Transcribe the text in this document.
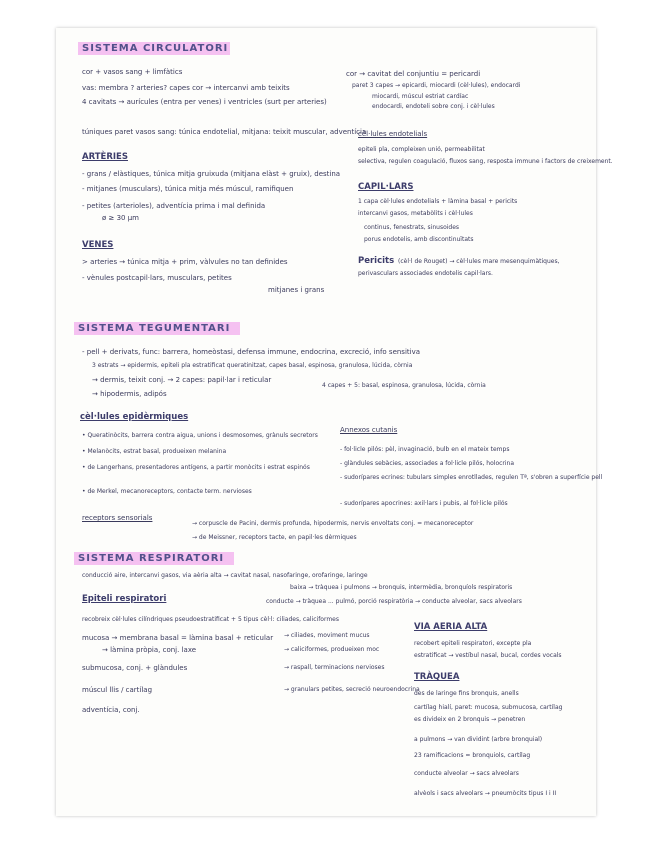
SISTEMA CIRCULATORI
cor + vasos sang + limfàtics
vas: membra ? arteries? capes cor → intercanvi amb teixits
4 cavitats → aurícules (entra per venes) i ventricles (surt per arteries)
túniques paret vasos sang: túnica endotelial, mitjana: teixit muscular, adventícia
ARTÈRIES
- grans / elàstiques, túnica mitja gruixuda (mitjana elàst + gruix), destina
- mitjanes (musculars), túnica mitja més múscul, ramifiquen
- petites (arterioles), adventícia prima i mal definida
ø ≥ 30 µm
VENES
> arteries → túnica mitja + prim, vàlvules no tan definides
- vènules postcapil·lars, musculars, petites
mitjanes i grans
cor → cavitat del conjuntiu = pericardi
paret 3 capes → epicardi, miocardi (cèl·lules), endocardi
miocardi, múscul estriat cardíac
endocardi, endoteli sobre conj. i cèl·lules
cèl·lules endotelials
epiteli pla, compleixen unió, permeabilitat
selectiva, regulen coagulació, fluxos sang, resposta immune i factors de creixement.
CAPIL·LARS
1 capa cèl·lules endotelials + làmina basal + pericits
intercanvi gasos, metabòlits i cèl·lules
continus, fenestrats, sinusoides
porus endotelis, amb discontinuïtats
Pericits (cèl·l de Rouget) → cèl·lules mare mesenquimàtiques,
perivasculars associades endotelis capil·lars.
SISTEMA TEGUMENTARI
- pell + derivats, func: barrera, homeòstasi, defensa immune, endocrina, excreció, info sensitiva
3 estrats → epidermis, epiteli pla estratificat queratinitzat, capes basal, espinosa, granulosa, lúcida, còrnia
→ dermis, teixit conj. → 2 capes: papil·lar i reticular
→ hipodermis, adipós
4 capes + 5: basal, espinosa, granulosa, lúcida, còrnia
cèl·lules epidèrmiques
• Queratinòcits, barrera contra aigua, unions i desmosomes, grànuls secretors
• Melanòcits, estrat basal, produeixen melanina
• de Langerhans, presentadores antígens, a partir monòcits i estrat espinós
• de Merkel, mecanoreceptors, contacte term. nervioses
Annexos cutanis
- fol·licle pilós: pèl, invaginació, bulb en el mateix temps
- glàndules sebàcies, associades a fol·licle pilós, holocrina
- sudorípares ecrines: tubulars simples enrotllades, regulen Tª, s'obren a superfície pell
- sudorípares apocrines: axil·lars i pubis, al fol·licle pilós
receptors sensorials
→ corpuscle de Pacini, dermis profunda, hipodermis, nervis envoltats conj. = mecanoreceptor
→ de Meissner, receptors tacte, en papil·les dèrmiques
SISTEMA RESPIRATORI
conducció aire, intercanvi gasos, via aèria alta → cavitat nasal, nasofaringe, orofaringe, laringe
baixa → tràquea i pulmons → bronquis, intermèdia, bronquíols respiratoris
conducte → tràquea ... pulmó, porció respiratòria → conducte alveolar, sacs alveolars
Epiteli respiratori
recobreix cèl·lules cilíndriques pseudoestratificat + 5 tipus cèl·l: ciliades, caliciformes
mucosa → membrana basal = làmina basal + reticular
→ làmina pròpia, conj. laxe
submucosa, conj. + glàndules
múscul llis / cartílag
adventícia, conj.
→ ciliades, moviment mucus
→ caliciformes, produeixen moc
→ raspall, terminacions nervioses
→ granulars petites, secreció neuroendocrina
VIA AERIA ALTA
recobert epiteli respiratori, excepte pla
estratificat → vestíbul nasal, bucal, cordes vocals
TRÀQUEA
des de laringe fins bronquis, anells
cartílag hialí, paret: mucosa, submucosa, cartílag
es divideix en 2 bronquis → penetren
a pulmons → van dividint (arbre bronquial)
23 ramificacions = bronquiols, cartílag
conducte alveolar → sacs alveolars
alvèols i sacs alveolars → pneumòcits tipus I i II
